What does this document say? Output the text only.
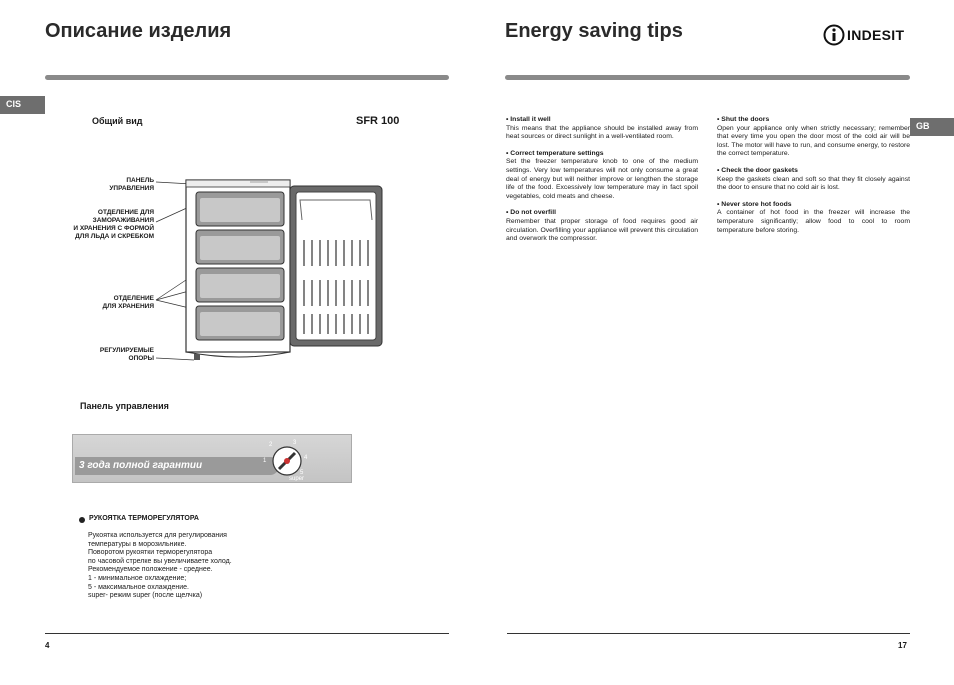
Описание изделия
CIS
Общий вид	SFR 100
ПАНЕЛЬ
УПРАВЛЕНИЯ
ОТДЕЛЕНИЕ ДЛЯ
ЗАМОРАЖИВАНИЯ
И ХРАНЕНИЯ С ФОРМОЙ
ДЛЯ ЛЬДА И СКРЕБКОМ
ОТДЕЛЕНИЕ
ДЛЯ ХРАНЕНИЯ
РЕГУЛИРУЕМЫЕ
ОПОРЫ
Панель управления
3 года полной гарантии	1
2	3
4
5
super
РУКОЯТКА ТЕРМОРЕГУЛЯТОРА
Рукоятка используется для регулирования
температуры в морозильнике.
Поворотом рукоятки терморегулятора
по часовой стрелке вы увеличиваете холод.
Рекомендуемое положение - среднее.
1 - минимальное охлаждение;
5 - максимальное охлаждение.
super- режим super (после щелчка)
4
Energy saving tips	INDESIT
GB
• Install it well
This means that the appliance should be installed away from heat sources or direct sunlight in a well-ventilated room.
• Correct temperature settings
Set the freezer temperature knob to one of the medium settings. Very low temperatures will not only consume a great deal of energy but will neither improve or lengthen the storage life of the food. Excessively low temperature may in fact spoil vegetables, cold meats and cheese.
• Do not overfill
Remember that proper storage of food requires good air circulation. Overfilling your appliance will prevent this circulation and overwork the compressor.
• Shut the doors
Open your appliance only when strictly necessary; remember that every time you open the door most of the cold air will be lost. The motor will have to run, and consume energy, to restore the correct temperature.
• Check the door gaskets
Keep the gaskets clean and soft so that they fit closely against the door to ensure that no cold air is lost.
• Never store hot foods
A container of hot food in the freezer will increase the temperature significantly; allow food to cool to room temperature before storing.
17
